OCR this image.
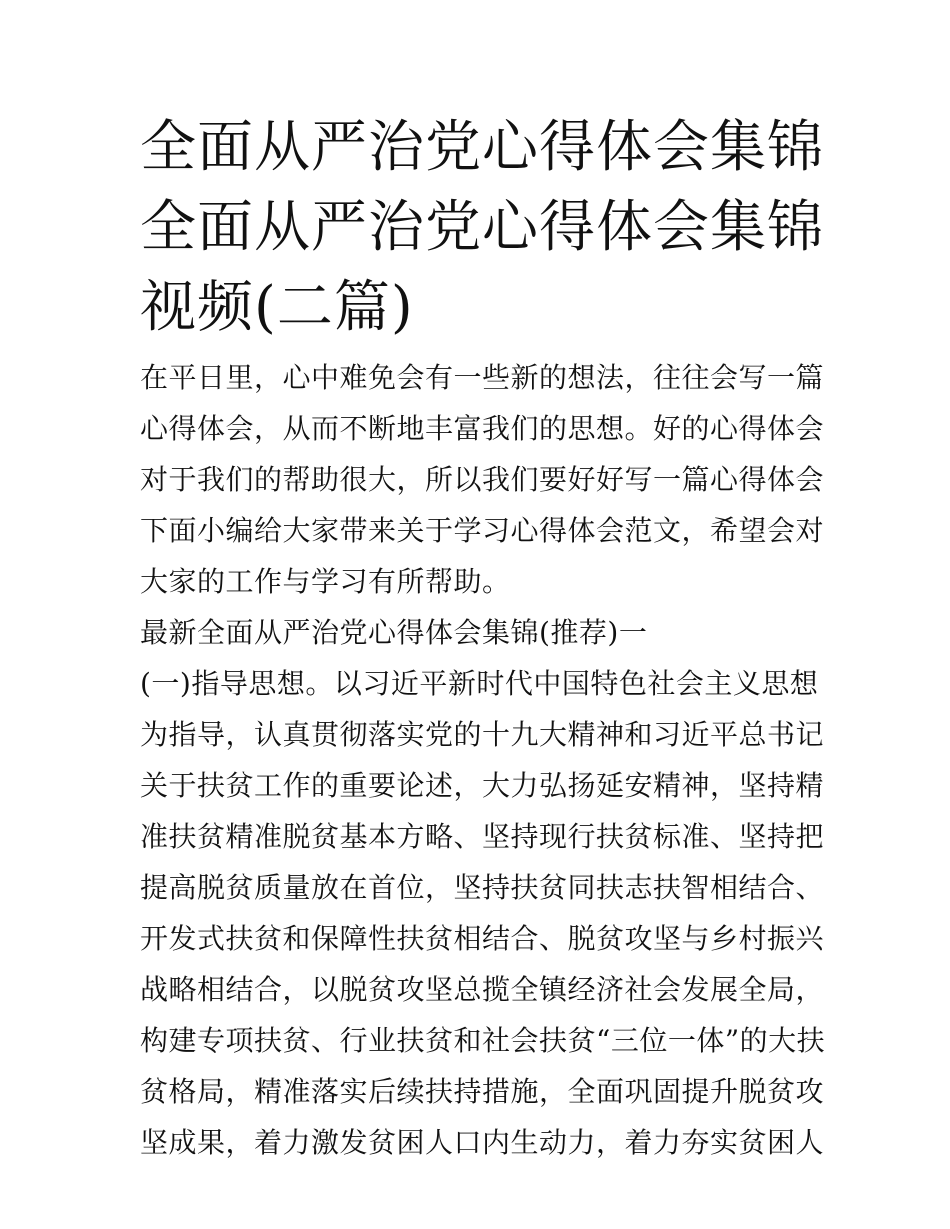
全面从严治党心得体会集锦 全面从严治党心得体会集锦视频(二篇)

在平日里，心中难免会有一些新的想法，往往会写一篇心得体会，从而不断地丰富我们的思想。好的心得体会对于我们的帮助很大，所以我们要好好写一篇心得体会下面小编给大家带来关于学习心得体会范文，希望会对大家的工作与学习有所帮助。

最新全面从严治党心得体会集锦(推荐)一

(一)指导思想。以习近平新时代中国特色社会主义思想为指导，认真贯彻落实党的十九大精神和习近平总书记关于扶贫工作的重要论述，大力弘扬延安精神，坚持精准扶贫精准脱贫基本方略、坚持现行扶贫标准、坚持把提高脱贫质量放在首位，坚持扶贫同扶志扶智相结合、开发式扶贫和保障性扶贫相结合、脱贫攻坚与乡村振兴战略相结合，以脱贫攻坚总揽全镇经济社会发展全局，构建专项扶贫、行业扶贫和社会扶贫“三位一体”的大扶贫格局，精准落实后续扶持措施，全面巩固提升脱贫攻坚成果，着力激发贫困人口内生动力，着力夯实贫困人
